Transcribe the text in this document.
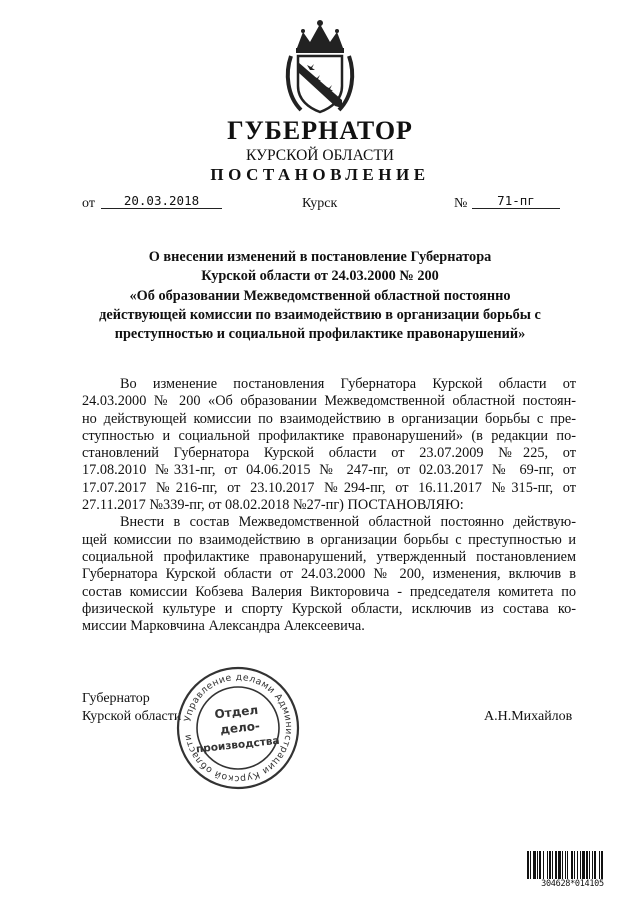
ГУБЕРНАТОР
КУРСКОЙ ОБЛАСТИ
ПОСТАНОВЛЕНИЕ
от	20.03.2018	Курск	№	71-пг
О внесении изменений в постановление Губернатора
Курской области от 24.03.2000 № 200
«Об образовании Межведомственной областной постоянно
действующей комиссии по взаимодействию в организации борьбы с
преступностью и социальной профилактике правонарушений»
Во изменение постановления Губернатора Курской области от
24.03.2000 № 200 «Об образовании Межведомственной областной постоян-
но действующей комиссии по взаимодействию в организации борьбы с пре-
ступностью и социальной профилактике правонарушений» (в редакции по-
становлений Губернатора Курской области от 23.07.2009 №225, от
17.08.2010 №331-пг, от 04.06.2015 № 247-пг, от 02.03.2017 № 69-пг, от
17.07.2017 №216-пг, от 23.10.2017 №294-пг, от 16.11.2017 №315-пг, от
27.11.2017 №339-пг, от 08.02.2018 №27-пг) ПОСТАНОВЛЯЮ:
Внести в состав Межведомственной областной постоянно действую-
щей комиссии по взаимодействию в организации борьбы с преступностью и
социальной профилактике правонарушений, утвержденный постановлением
Губернатора Курской области от 24.03.2000 № 200, изменения, включив в
состав комиссии Кобзева Валерия Викторовича - председателя комитета по
физической культуре и спорту Курской области, исключив из состава ко-
миссии Марковчина Александра Алексеевича.
Губернатор
Курской области	А.Н.Михайлов
Управление делами Администрации Курской области
Отдел
дело-
производства
304628*014105
